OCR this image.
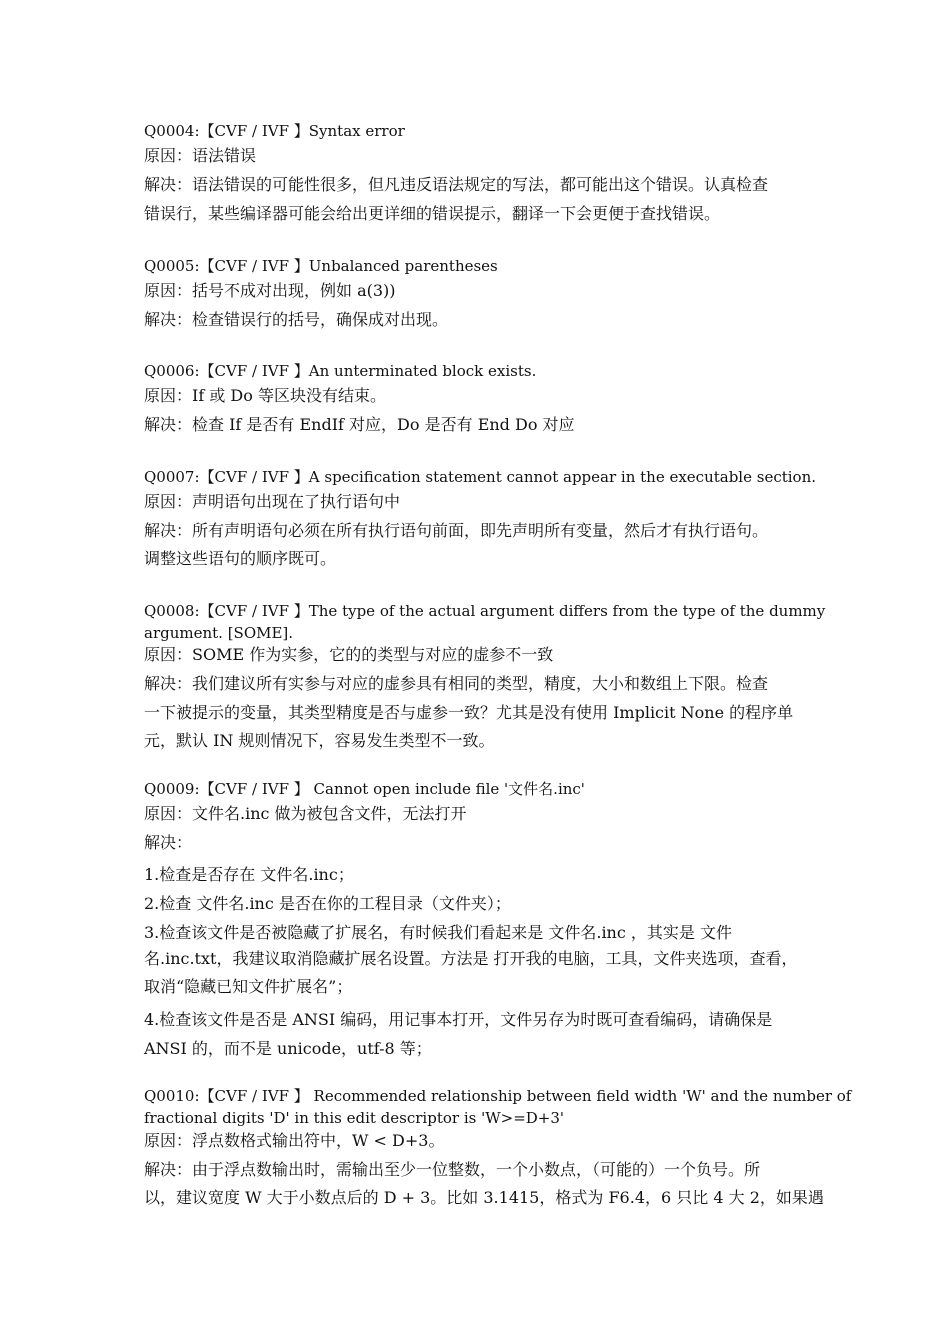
Q0004:【CVF / IVF 】Syntax error
原因：语法错误
解决：语法错误的可能性很多，但凡违反语法规定的写法，都可能出这个错误。认真检查
错误行，某些编译器可能会给出更详细的错误提示，翻译一下会更便于查找错误。
Q0005:【CVF / IVF 】Unbalanced parentheses
原因：括号不成对出现，例如 a(3))
解决：检查错误行的括号，确保成对出现。
Q0006:【CVF / IVF 】An unterminated block exists.
原因：If 或 Do 等区块没有结束。
解决：检查 If 是否有 EndIf 对应，Do 是否有 End Do 对应
Q0007:【CVF / IVF 】A specification statement cannot appear in the executable section.
原因：声明语句出现在了执行语句中
解决：所有声明语句必须在所有执行语句前面，即先声明所有变量，然后才有执行语句。
调整这些语句的顺序既可。
Q0008:【CVF / IVF 】The type of the actual argument differs from the type of the dummy
argument. [SOME].
原因：SOME 作为实参，它的的类型与对应的虚参不一致
解决：我们建议所有实参与对应的虚参具有相同的类型，精度，大小和数组上下限。检查
一下被提示的变量，其类型精度是否与虚参一致？尤其是没有使用 Implicit None 的程序单
元，默认 IN 规则情况下，容易发生类型不一致。
Q0009:【CVF / IVF 】 Cannot open include file '文件名.inc'
原因：文件名.inc 做为被包含文件，无法打开
解决：
1.检查是否存在 文件名.inc；
2.检查 文件名.inc 是否在你的工程目录（文件夹）；
3.检查该文件是否被隐藏了扩展名，有时候我们看起来是 文件名.inc ，其实是 文件
名.inc.txt，我建议取消隐藏扩展名设置。方法是 打开我的电脑，工具，文件夹选项，查看，
取消“隐藏已知文件扩展名”；
4.检查该文件是否是 ANSI 编码，用记事本打开，文件另存为时既可查看编码，请确保是
ANSI 的，而不是 unicode，utf-8 等；
Q0010:【CVF / IVF 】 Recommended relationship between field width 'W' and the number of
fractional digits 'D' in this edit descriptor is 'W>=D+3'
原因：浮点数格式输出符中，W < D+3。
解决：由于浮点数输出时，需输出至少一位整数，一个小数点，（可能的）一个负号。所
以，建议宽度 W 大于小数点后的 D + 3。比如 3.1415，格式为 F6.4，6 只比 4 大 2，如果遇
